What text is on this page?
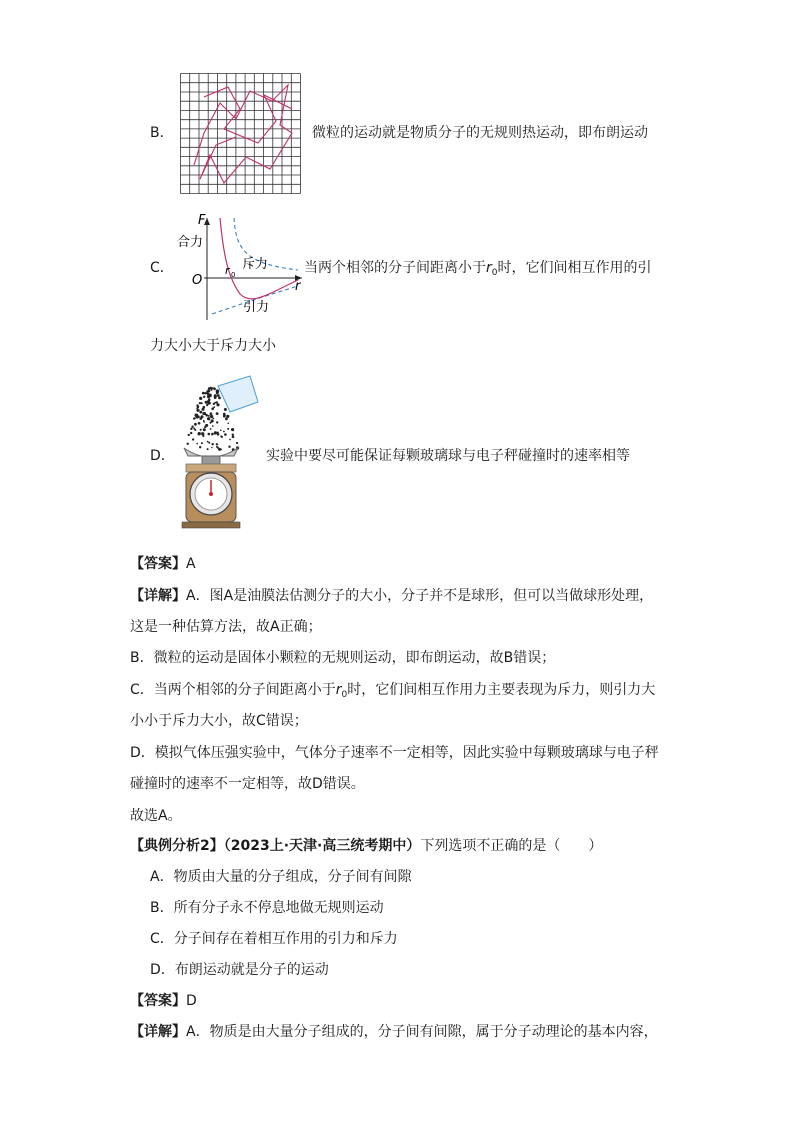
B．	微粒的运动就是物质分子的无规则热运动，即布朗运动
C．
F
O	r
r 0
合力
斥力
引力
当两个相邻的分子间距离小于$r_0$时，它们间相互作用的引
力大小大于斥力大小
D．	实验中要尽可能保证每颗玻璃球与电子秤碰撞时的速率相等
【答案】A
【详解】A．图A是油膜法估测分子的大小，分子并不是球形，但可以当做球形处理，
这是一种估算方法，故A正确；
B．微粒的运动是固体小颗粒的无规则运动，即布朗运动，故B错误；
C．当两个相邻的分子间距离小于$r_0$时，它们间相互作用力主要表现为斥力，则引力大
小小于斥力大小，故C错误；
D．模拟气体压强实验中，气体分子速率不一定相等，因此实验中每颗玻璃球与电子秤
碰撞时的速率不一定相等，故D错误。
故选A。
【典例分析2】（2023上·天津·高三统考期中）下列选项不正确的是（　　）
A．物质由大量的分子组成，分子间有间隙
B．所有分子永不停息地做无规则运动
C．分子间存在着相互作用的引力和斥力
D．布朗运动就是分子的运动
【答案】D
【详解】A．物质是由大量分子组成的，分子间有间隙，属于分子动理论的基本内容，
